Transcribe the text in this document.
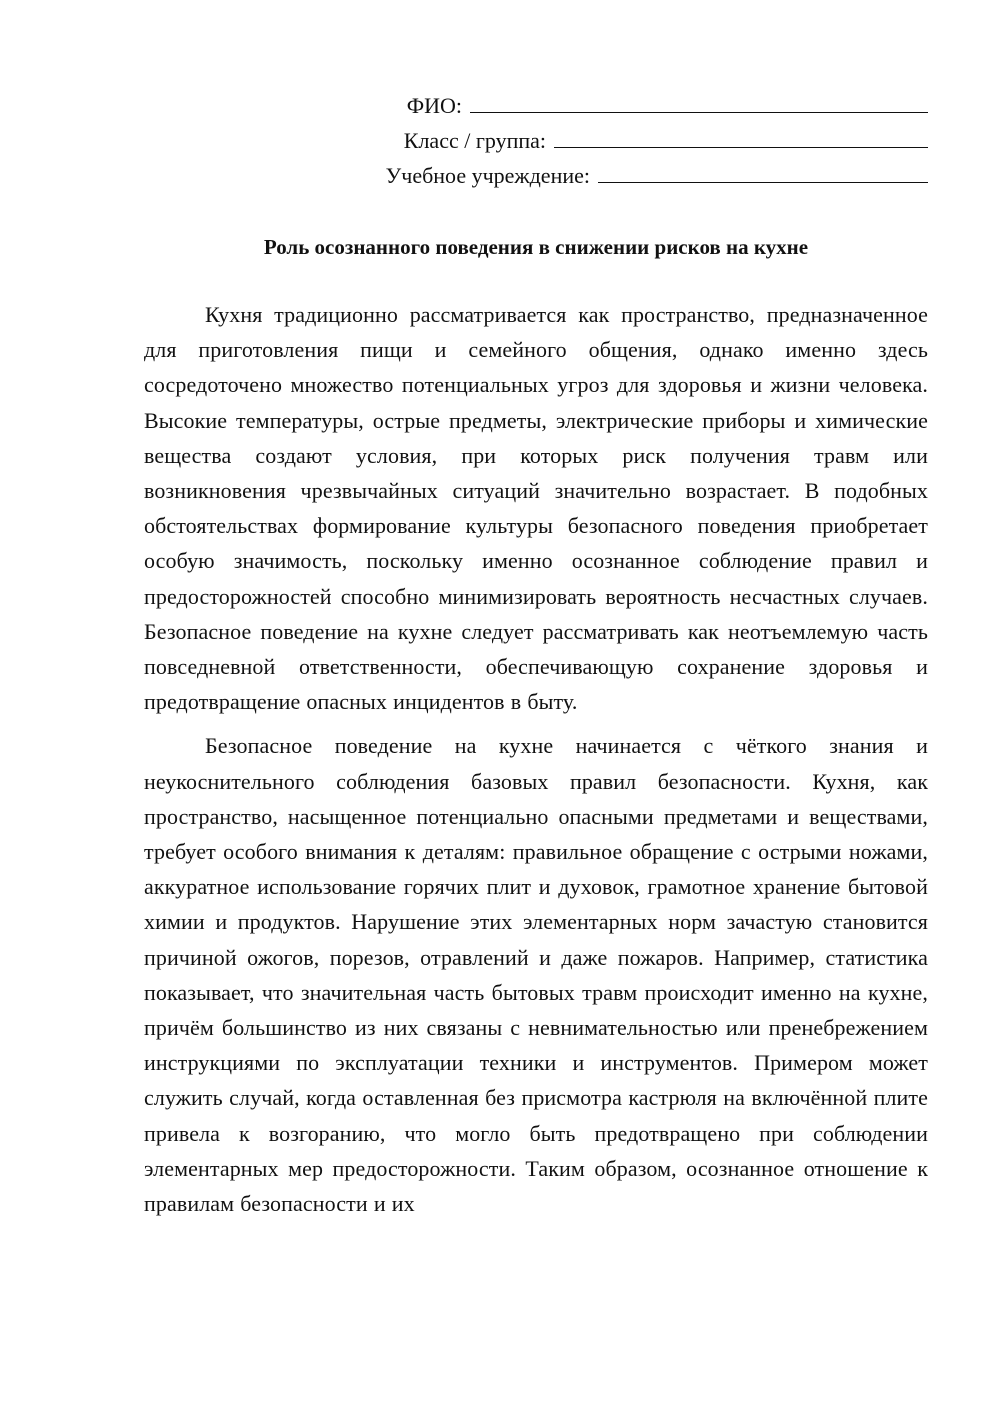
ФИО:
Класс / группа:
Учебное учреждение:
Роль осознанного поведения в снижении рисков на кухне

Кухня традиционно рассматривается как пространство, предназначенное для приготовления пищи и семейного общения, однако именно здесь сосредоточено множество потенциальных угроз для здоровья и жизни человека. Высокие температуры, острые предметы, электрические приборы и химические вещества создают условия, при которых риск получения травм или возникновения чрезвычайных ситуаций значительно возрастает. В подобных обстоятельствах формирование культуры безопасного поведения приобретает особую значимость, поскольку именно осознанное соблюдение правил и предосторожностей способно минимизировать вероятность несчастных случаев. Безопасное поведение на кухне следует рассматривать как неотъемлемую часть повседневной ответственности, обеспечивающую сохранение здоровья и предотвращение опасных инцидентов в быту.

Безопасное поведение на кухне начинается с чёткого знания и неукоснительного соблюдения базовых правил безопасности. Кухня, как пространство, насыщенное потенциально опасными предметами и веществами, требует особого внимания к деталям: правильное обращение с острыми ножами, аккуратное использование горячих плит и духовок, грамотное хранение бытовой химии и продуктов. Нарушение этих элементарных норм зачастую становится причиной ожогов, порезов, отравлений и даже пожаров. Например, статистика показывает, что значительная часть бытовых травм происходит именно на кухне, причём большинство из них связаны с невнимательностью или пренебрежением инструкциями по эксплуатации техники и инструментов. Примером может служить случай, когда оставленная без присмотра кастрюля на включённой плите привела к возгоранию, что могло быть предотвращено при соблюдении элементарных мер предосторожности. Таким образом, осознанное отношение к правилам безопасности и их
